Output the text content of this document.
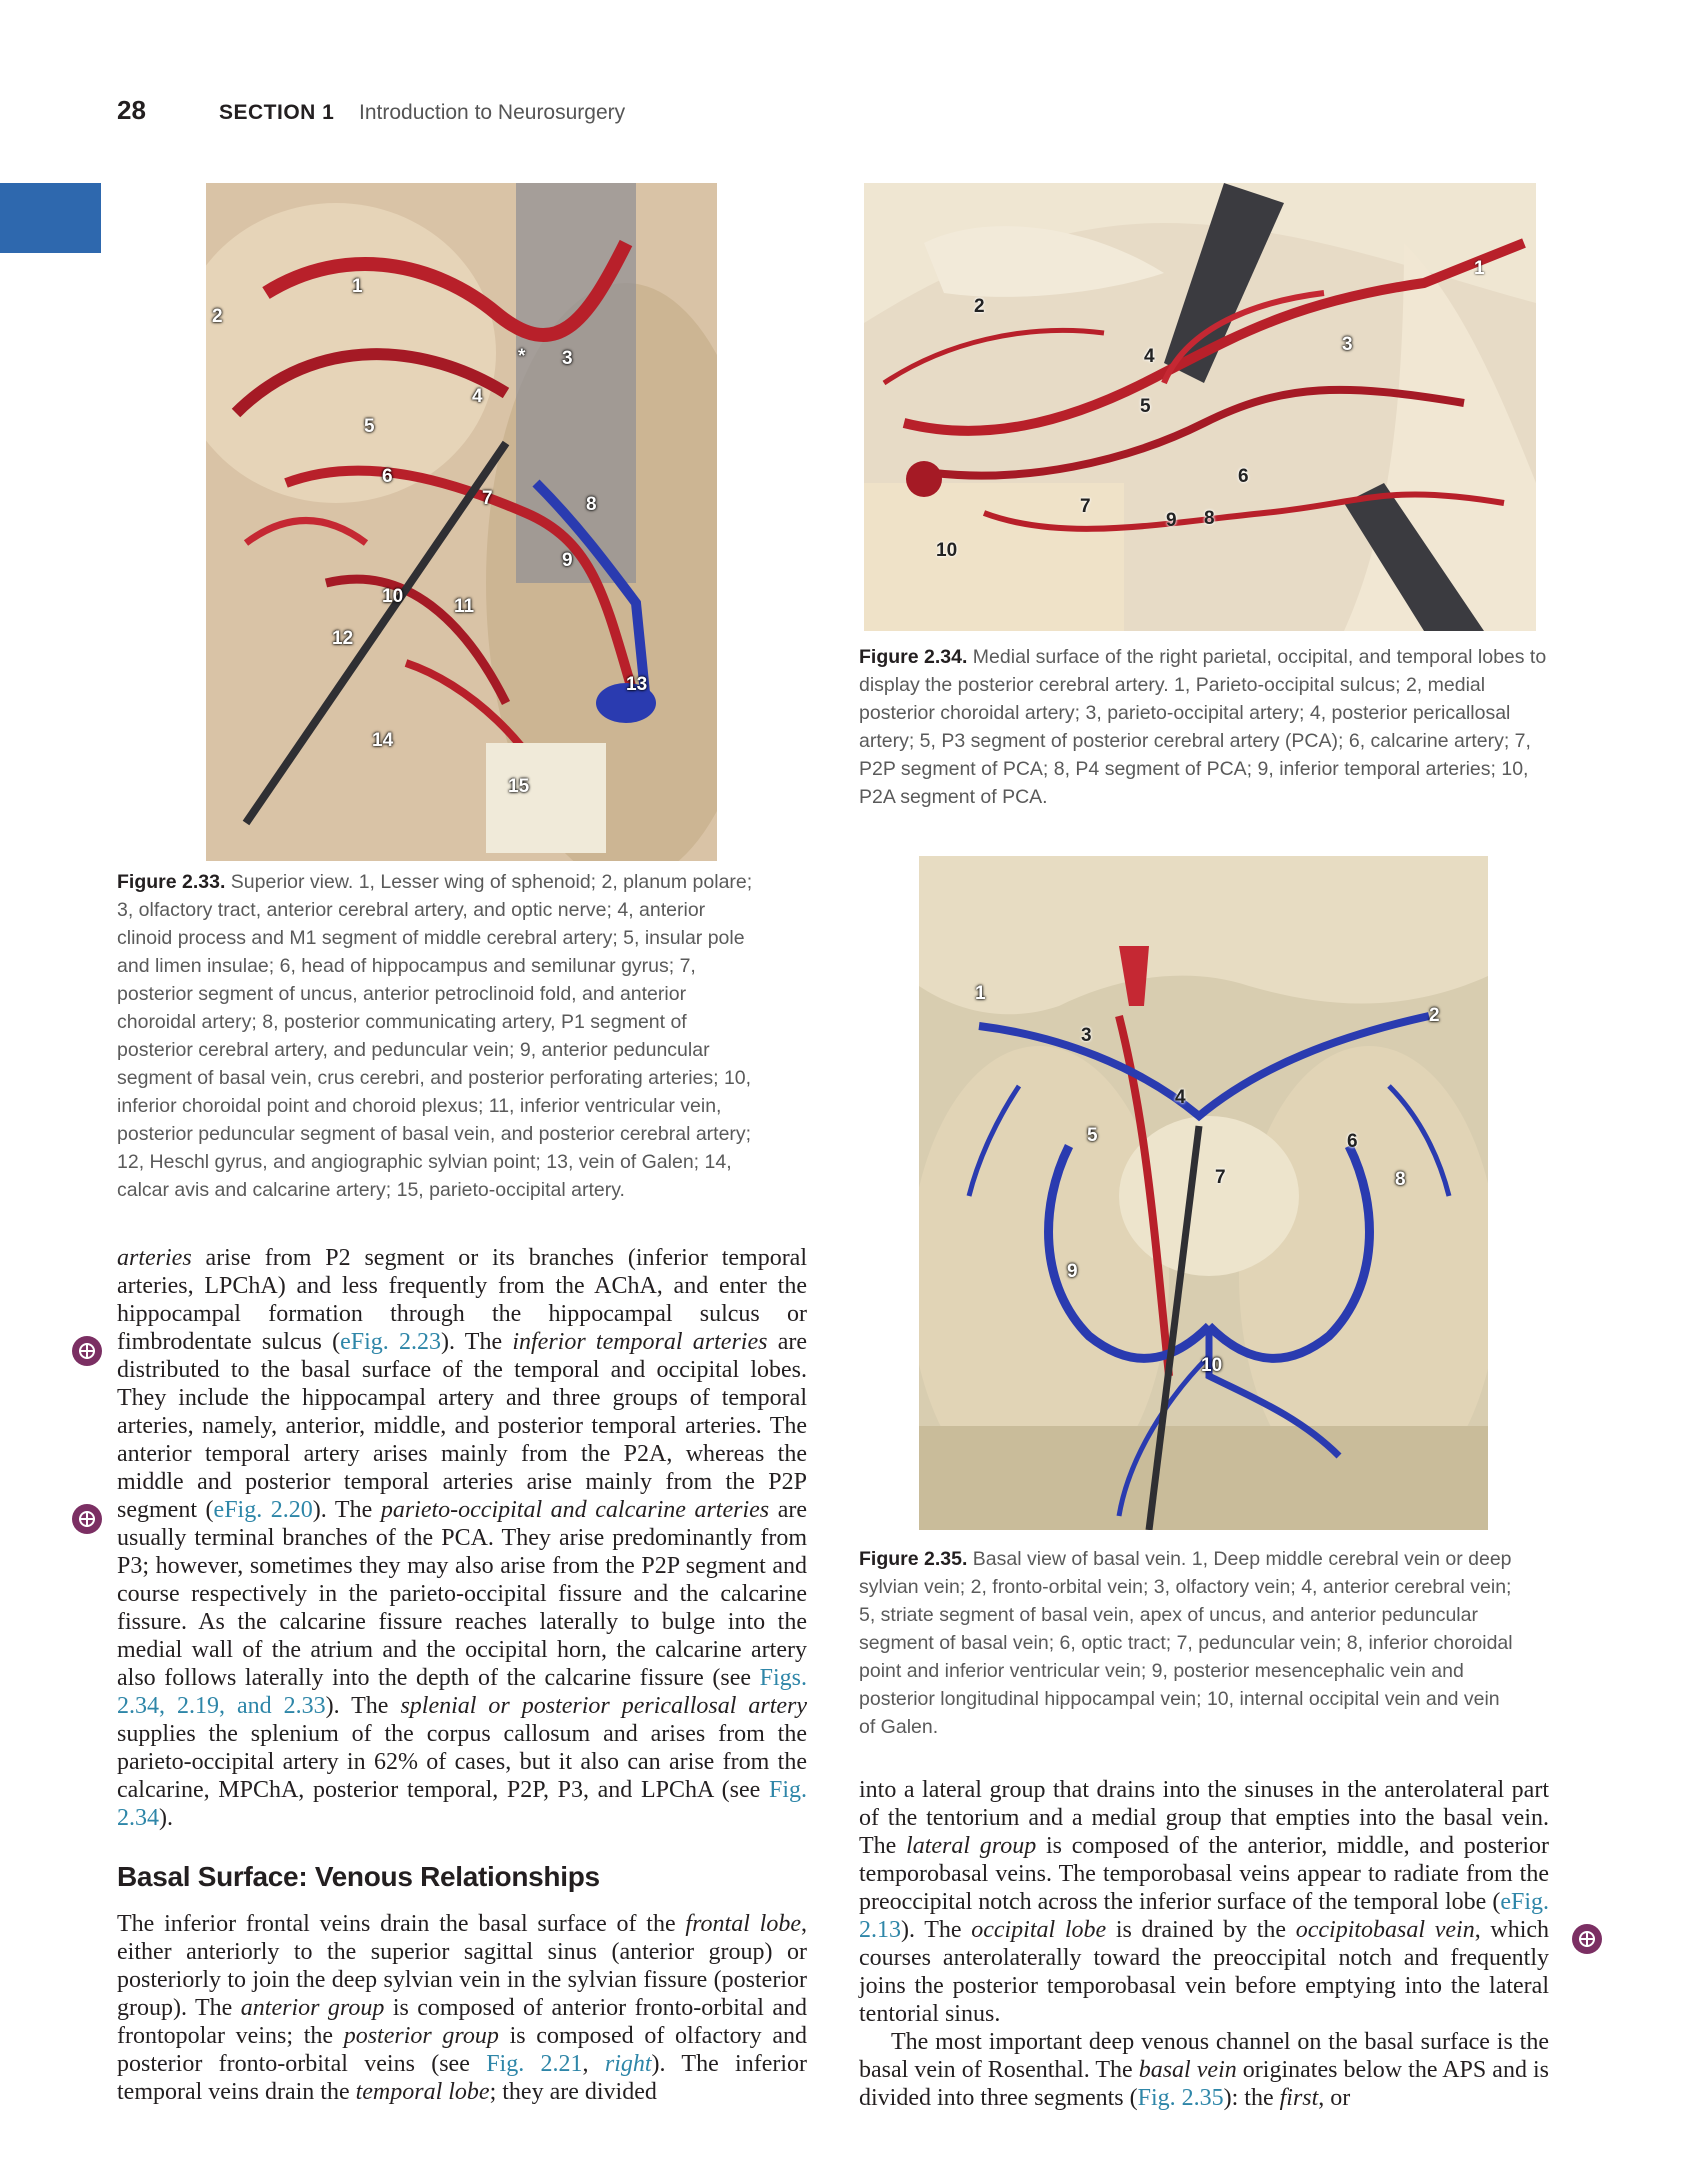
28	SECTION 1 Introduction to Neurosurgery
1
2
3
4
5
6
7	8
9
10	11
12
13
14
15
*
Figure 2.33. Superior view. 1, Lesser wing of sphenoid; 2, planum polare; 3, olfactory tract, anterior cerebral artery, and optic nerve; 4, anterior clinoid process and M1 segment of middle cerebral artery; 5, insular pole and limen insulae; 6, head of hippocampus and semilunar gyrus; 7, posterior segment of uncus, anterior petroclinoid fold, and anterior choroidal artery; 8, posterior communicating artery, P1 segment of posterior cerebral artery, and peduncular vein; 9, anterior peduncular segment of basal vein, crus cerebri, and posterior perforating arteries; 10, inferior choroidal point and choroid plexus; 11, inferior ventricular vein, posterior peduncular segment of basal vein, and posterior cerebral artery; 12, Heschl gyrus, and angiographic sylvian point; 13, vein of Galen; 14, calcar avis and calcarine artery; 15, parieto-occipital artery.
1
2
3
4
5
6
7
8
9
10
Figure 2.34. Medial surface of the right parietal, occipital, and temporal lobes to display the posterior cerebral artery. 1, Parieto-occipital sulcus; 2, medial posterior choroidal artery; 3, parieto-occipital artery; 4, posterior pericallosal artery; 5, P3 segment of posterior cerebral artery (PCA); 6, calcarine artery; 7, P2P segment of PCA; 8, P4 segment of PCA; 9, inferior temporal arteries; 10, P2A segment of PCA.
1
2
3
4
5	6
7	8
9
10
Figure 2.35. Basal view of basal vein. 1, Deep middle cerebral vein or deep sylvian vein; 2, fronto-orbital vein; 3, olfactory vein; 4, anterior cerebral vein; 5, striate segment of basal vein, apex of uncus, and anterior peduncular segment of basal vein; 6, optic tract; 7, peduncular vein; 8, inferior choroidal point and inferior ventricular vein; 9, posterior mesencephalic vein and posterior longitudinal hippocampal vein; 10, internal occipital vein and vein of Galen.
arteries arise from P2 segment or its branches (inferior temporal arteries, LPChA) and less frequently from the AChA, and enter the hippocampal formation through the hippocampal sulcus or fimbrodentate sulcus (eFig. 2.23). The inferior temporal arteries are distributed to the basal surface of the temporal and occipital lobes. They include the hippocampal artery and three groups of temporal arteries, namely, anterior, middle, and posterior temporal arteries. The anterior temporal artery arises mainly from the P2A, whereas the middle and posterior temporal arteries arise mainly from the P2P segment (eFig. 2.20). The parieto-occipital and calcarine arteries are usually terminal branches of the PCA. They arise predominantly from P3; however, sometimes they may also arise from the P2P segment and course respectively in the parieto-occipital fissure and the calcarine fissure. As the calcarine fissure reaches laterally to bulge into the medial wall of the atrium and the occipital horn, the calcarine artery also follows laterally into the depth of the calcarine fissure (see Figs. 2.34, 2.19, and 2.33). The splenial or posterior pericallosal artery supplies the splenium of the corpus callosum and arises from the parieto-occipital artery in 62% of cases, but it also can arise from the calcarine, MPChA, posterior temporal, P2P, P3, and LPChA (see Fig. 2.34).
Basal Surface: Venous Relationships
The inferior frontal veins drain the basal surface of the frontal lobe, either anteriorly to the superior sagittal sinus (anterior group) or posteriorly to join the deep sylvian vein in the sylvian fissure (posterior group). The anterior group is composed of anterior fronto-orbital and frontopolar veins; the posterior group is composed of olfactory and posterior fronto-orbital veins (see Fig. 2.21, right). The inferior temporal veins drain the temporal lobe; they are divided
into a lateral group that drains into the sinuses in the anterolateral part of the tentorium and a medial group that empties into the basal vein. The lateral group is composed of the anterior, middle, and posterior temporobasal veins. The temporobasal veins appear to radiate from the preoccipital notch across the inferior surface of the temporal lobe (eFig. 2.13). The occipital lobe is drained by the occipitobasal vein, which courses anterolaterally toward the preoccipital notch and frequently joins the posterior temporobasal vein before emptying into the lateral tentorial sinus.
The most important deep venous channel on the basal surface is the basal vein of Rosenthal. The basal vein originates below the APS and is divided into three segments (Fig. 2.35): the first, or
